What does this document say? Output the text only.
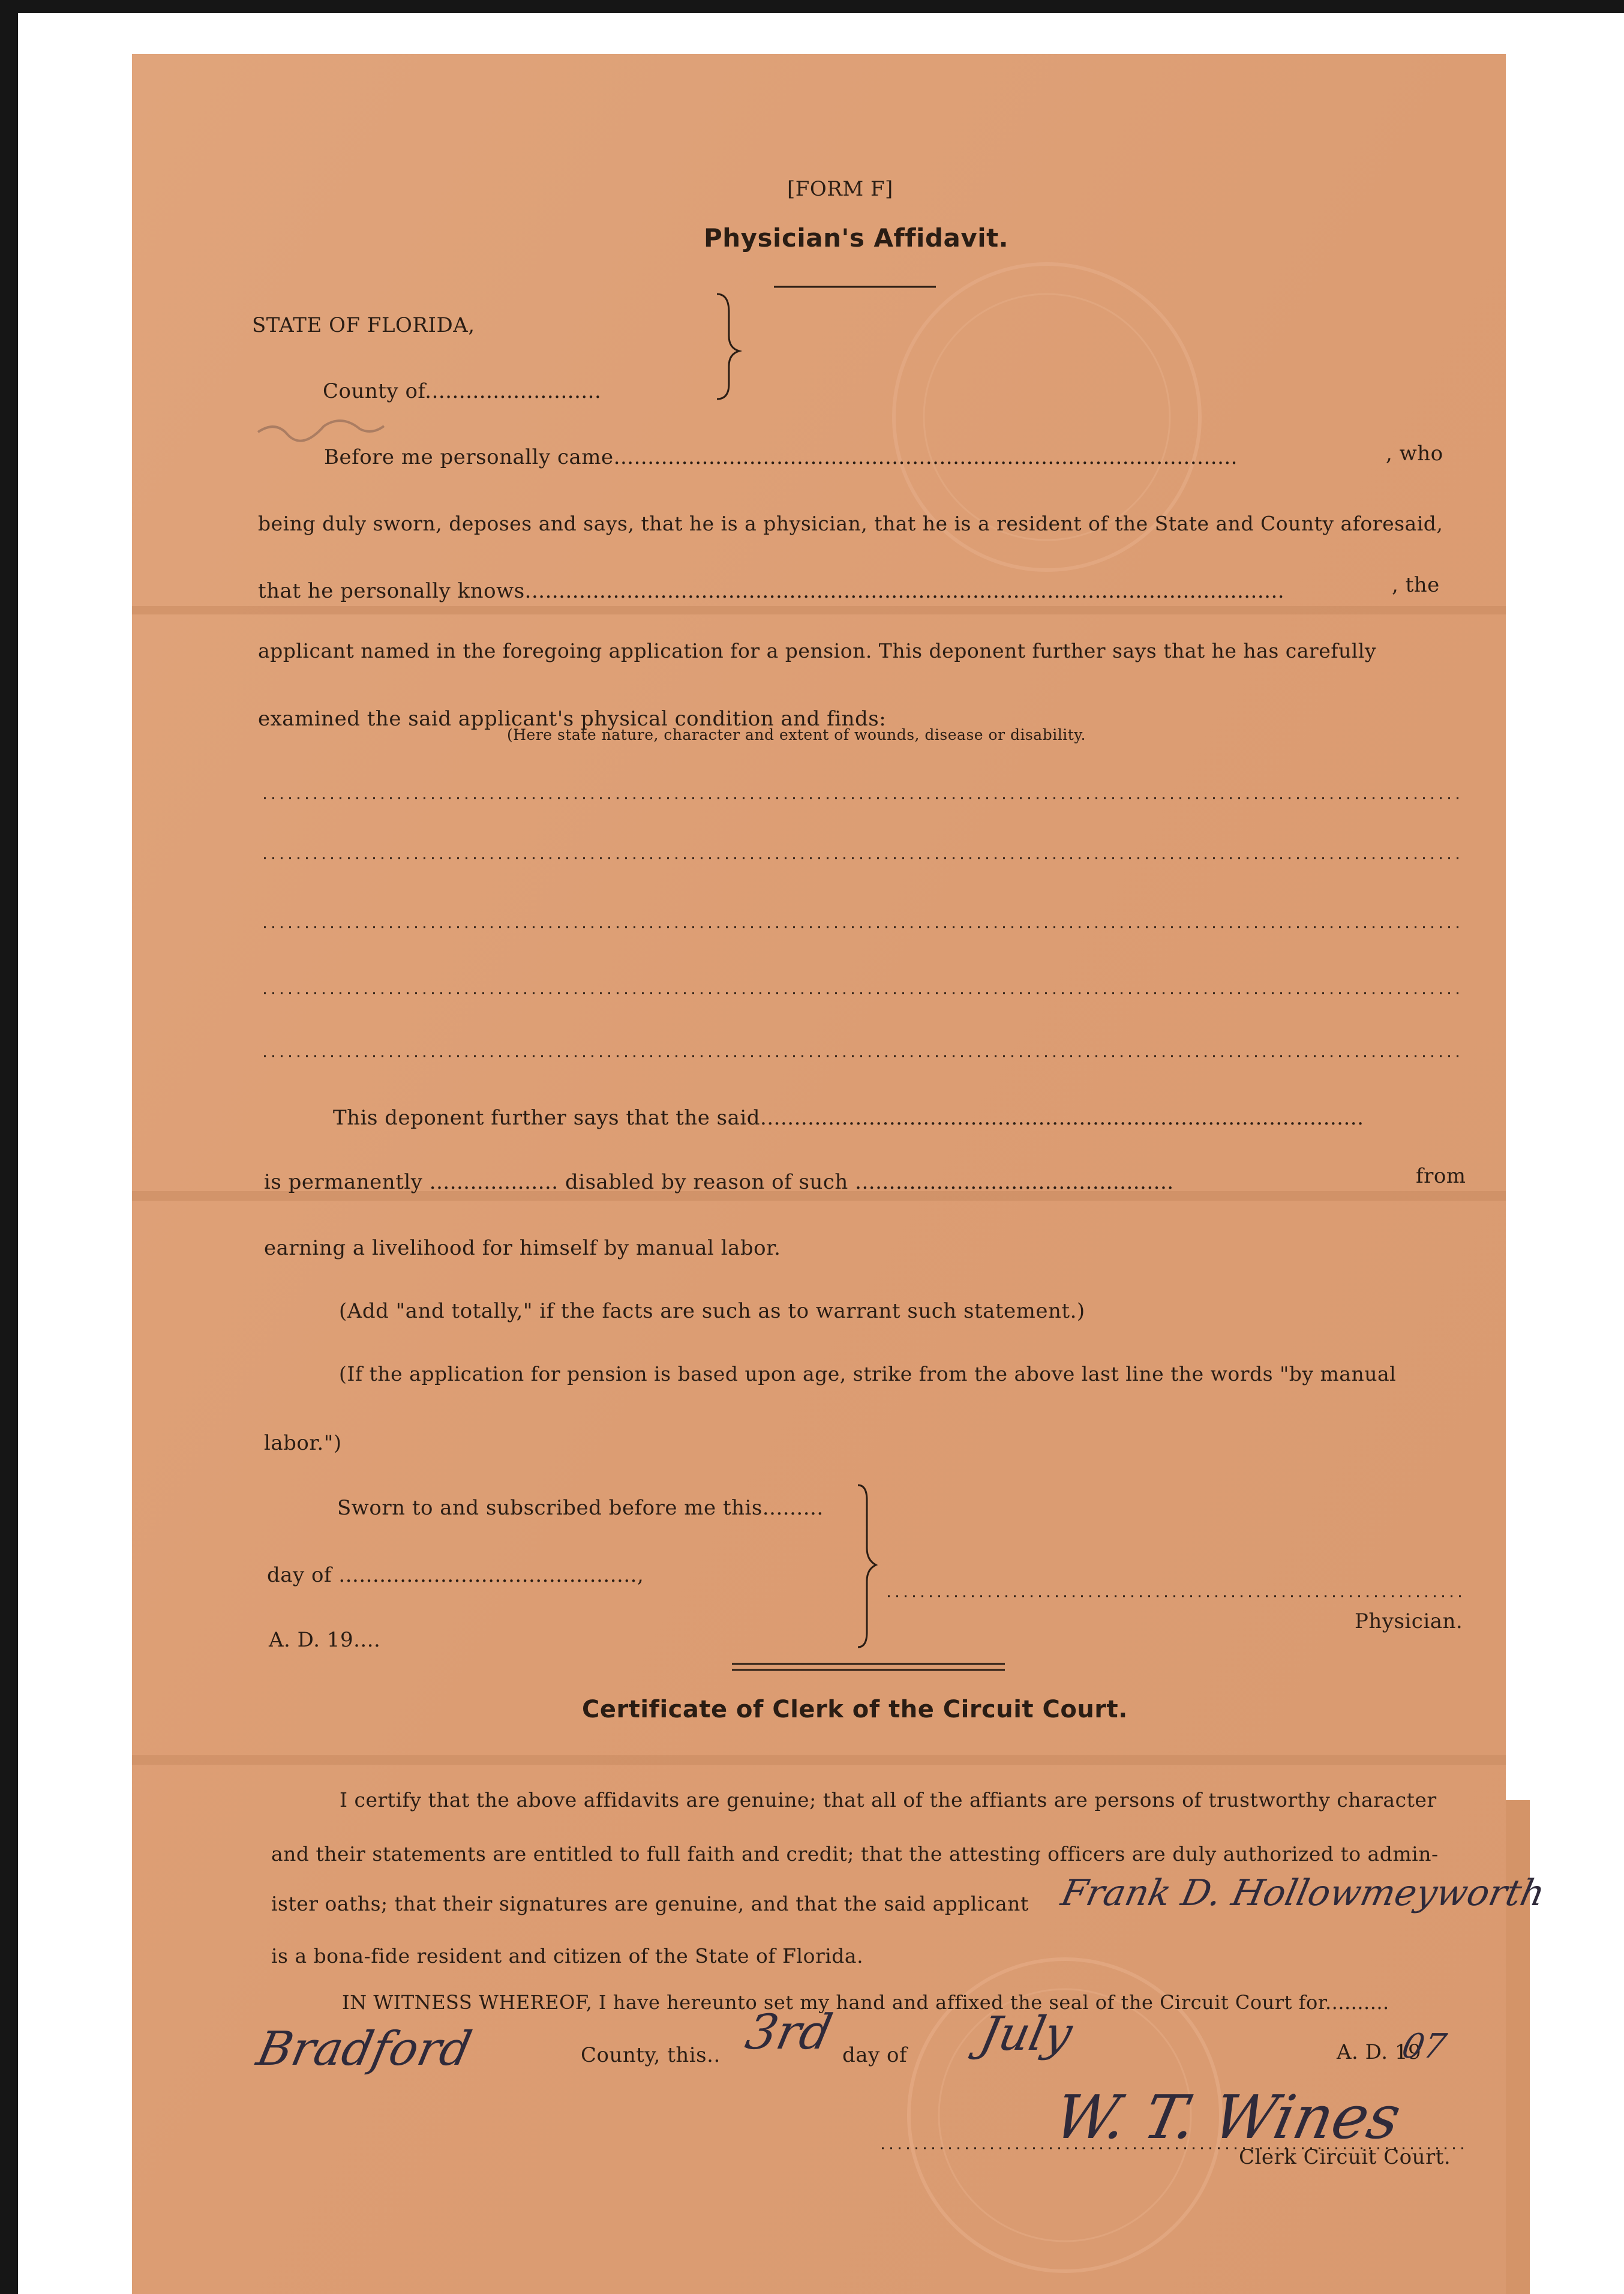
[FORM F]
Physician's Affidavit.
STATE OF FLORIDA,
County of..........................
Before me personally came............................................................................................	, who
being duly sworn, deposes and says, that he is a physician, that he is a resident of the State and County aforesaid,
that he personally knows................................................................................................................	, the
applicant named in the foregoing application for a pension. This deponent further says that he has carefully
examined the said applicant's physical condition and finds:
(Here state nature, character and extent of wounds, disease or disability.
This deponent further says that the said.........................................................................................
is permanently ................... disabled by reason of such ...............................................	from
earning a livelihood for himself by manual labor.
(Add "and totally," if the facts are such as to warrant such statement.)
(If the application for pension is based upon age, strike from the above last line the words "by manual
labor.")
Sworn to and subscribed before me this.........
day of ............................................,
A. D. 19....
Physician.
Certificate of Clerk of the Circuit Court.
I certify that the above affidavits are genuine; that all of the affiants are persons of trustworthy character
and their statements are entitled to full faith and credit; that the attesting officers are duly authorized to admin-
ister oaths; that their signatures are genuine, and that the said applicant
is a bona-fide resident and citizen of the State of Florida.
IN WITNESS WHEREOF, I have hereunto set my hand and affixed the seal of the Circuit Court for..........
County, this..	day of	A. D. 19
Clerk Circuit Court.
Frank D. Hollowmeyworth
Bradford	3rd	July	07
W. T. Wines
